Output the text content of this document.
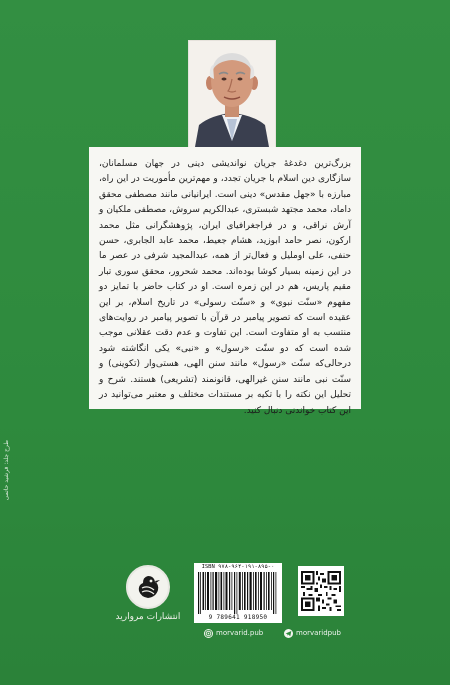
بزرگ‌ترین دغدغهٔ جریان نواندیشی دینی در جهان مسلمانان، سازگاری دین اسلام با جریان تجدد، و مهم‌ترین مأموریت در این راه، مبارزه با «جهل مقدس» دینی است. ایرانیانی مانند مصطفی محقق داماد، محمد مجتهد شبستری، عبدالکریم سروش، مصطفی ملکیان و آرش نراقی، و در فراجغرافیای ایران، پژوهشگرانی مثل محمد ارکون، نصر حامد ابوزید، هشام جعیط، محمد عابد الجابری، حسن حنفی، علی اومليل و فعال‌تر از همه، عبدالمجید شرفی در عصر ما در این زمینه بسیار کوشا بوده‌اند. محمد شحرور، محقق سوری تبار مقیم پاریس، هم در این زمره است. او در کتاب حاضر با تمایز دو مفهوم «سنّت نبوی» و «سنّت رسولی» در تاریخ اسلام، بر این عقیده است که تصویر پیامبر در قرآن با تصویر پیامبر در روایت‌های منتسب به او متفاوت است. این تفاوت و عدم دقت عقلانی موجب شده است که دو سنّت «رسول» و «نبی» یکی انگاشته شود درحالی‌که سنّت «رسول» مانند سنن الهی، هستی‌وار (تکوینی) و سنّت نبی مانند سنن غیرالهی، قانونمند (تشریعی) هستند. شرح و تحلیل این نکته را با تکیه بر مستندات مختلف و معتبر می‌توانید در این کتاب خواندنی دنبال کنید.

طرح جلد: فرشید حاتمی
انتشارات مروارید
ISBN ۹۷۸-۹۶۴-۱۹۱-۸۹۵-۰
9 789641 918950
morvarid.pub	morvaridpub
